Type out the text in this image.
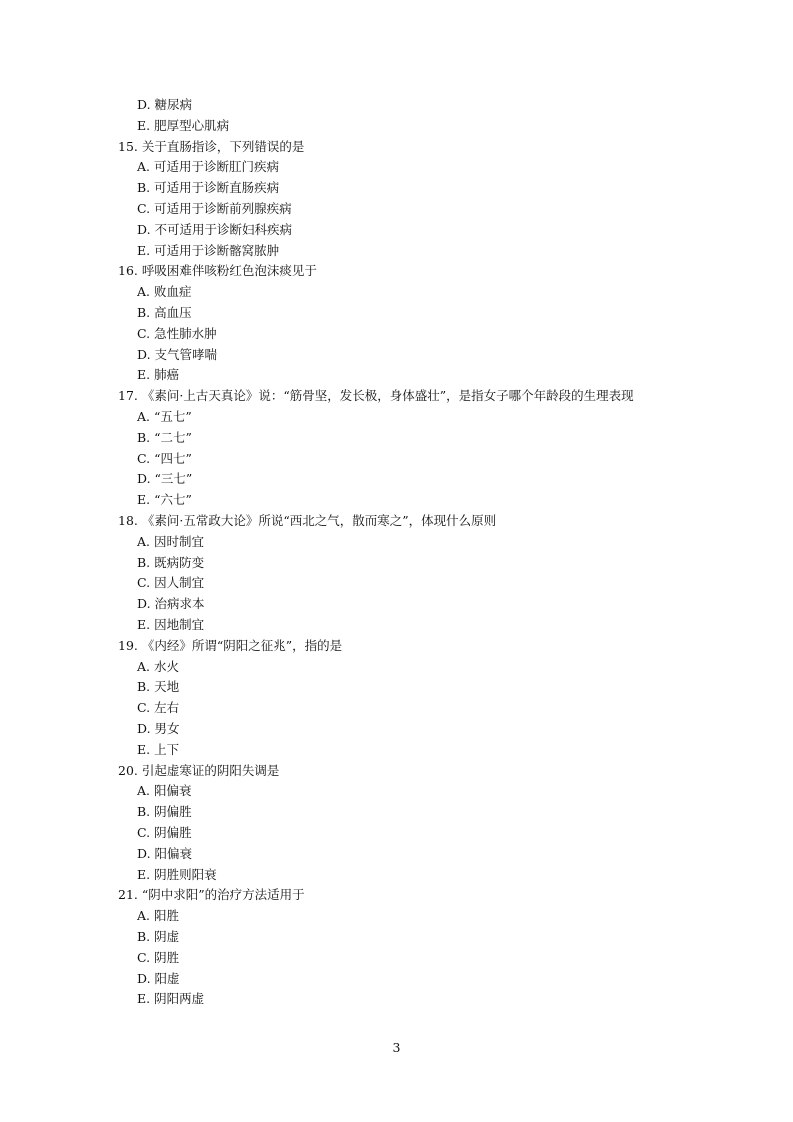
D. 糖尿病
E. 肥厚型心肌病
15. 关于直肠指诊，下列错误的是
A. 可适用于诊断肛门疾病
B. 可适用于诊断直肠疾病
C. 可适用于诊断前列腺疾病
D. 不可适用于诊断妇科疾病
E. 可适用于诊断髂窝脓肿
16. 呼吸困难伴咳粉红色泡沫痰见于
A. 败血症
B. 高血压
C. 急性肺水肿
D. 支气管哮喘
E. 肺癌
17. 《素问·上古天真论》说：“筋骨坚，发长极，身体盛壮”，是指女子哪个年龄段的生理表现
A. “五七”
B. “二七”
C. “四七”
D. “三七”
E. “六七”
18. 《素问·五常政大论》所说“西北之气，散而寒之”，体现什么原则
A. 因时制宜
B. 既病防变
C. 因人制宜
D. 治病求本
E. 因地制宜
19. 《内经》所谓“阴阳之征兆”，指的是
A. 水火
B. 天地
C. 左右
D. 男女
E. 上下
20. 引起虚寒证的阴阳失调是
A. 阳偏衰
B. 阴偏胜
C. 阴偏胜
D. 阳偏衰
E. 阴胜则阳衰
21. “阴中求阳”的治疗方法适用于
A. 阳胜
B. 阴虚
C. 阴胜
D. 阳虚
E. 阴阳两虚
3
